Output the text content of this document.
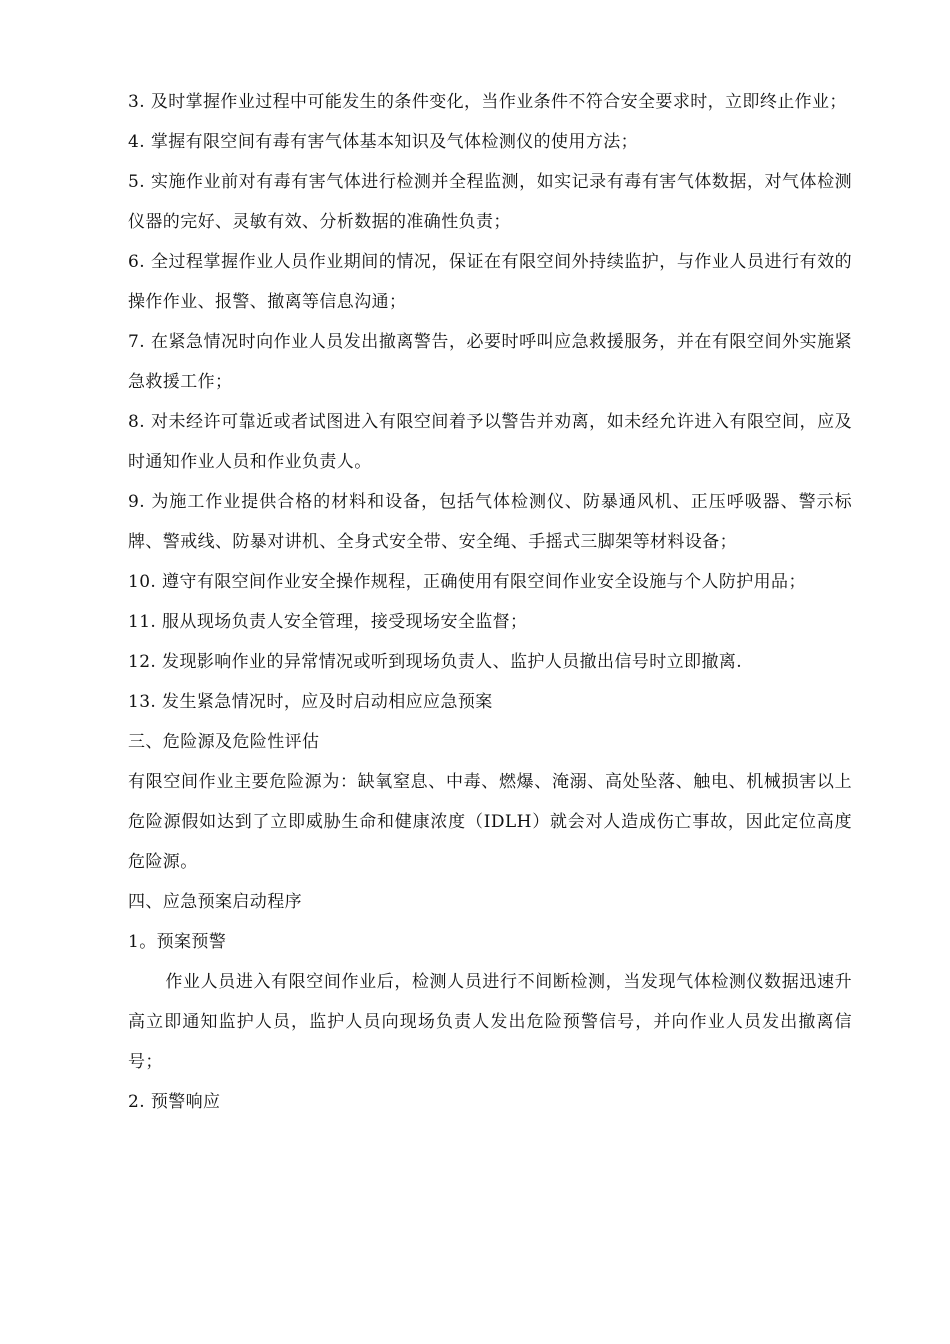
3. 及时掌握作业过程中可能发生的条件变化，当作业条件不符合安全要求时，立即终止作业；

4. 掌握有限空间有毒有害气体基本知识及气体检测仪的使用方法；

5. 实施作业前对有毒有害气体进行检测并全程监测，如实记录有毒有害气体数据，对气体检测仪器的完好、灵敏有效、分析数据的准确性负责；

6. 全过程掌握作业人员作业期间的情况，保证在有限空间外持续监护，与作业人员进行有效的操作作业、报警、撤离等信息沟通；

7. 在紧急情况时向作业人员发出撤离警告，必要时呼叫应急救援服务，并在有限空间外实施紧急救援工作；

8. 对未经许可靠近或者试图进入有限空间着予以警告并劝离，如未经允许进入有限空间，应及时通知作业人员和作业负责人。

9. 为施工作业提供合格的材料和设备，包括气体检测仪、防暴通风机、正压呼吸器、警示标牌、警戒线、防暴对讲机、全身式安全带、安全绳、手摇式三脚架等材料设备；

10. 遵守有限空间作业安全操作规程，正确使用有限空间作业安全设施与个人防护用品；

11. 服从现场负责人安全管理，接受现场安全监督；

12. 发现影响作业的异常情况或听到现场负责人、监护人员撤出信号时立即撤离.

13. 发生紧急情况时，应及时启动相应应急预案

三、危险源及危险性评估

有限空间作业主要危险源为：缺氧窒息、中毒、燃爆、淹溺、高处坠落、触电、机械损害以上危险源假如达到了立即威胁生命和健康浓度（IDLH）就会对人造成伤亡事故，因此定位高度危险源。

四、应急预案启动程序

1。预案预警

作业人员进入有限空间作业后，检测人员进行不间断检测，当发现气体检测仪数据迅速升高立即通知监护人员，监护人员向现场负责人发出危险预警信号，并向作业人员发出撤离信号；

2. 预警响应
